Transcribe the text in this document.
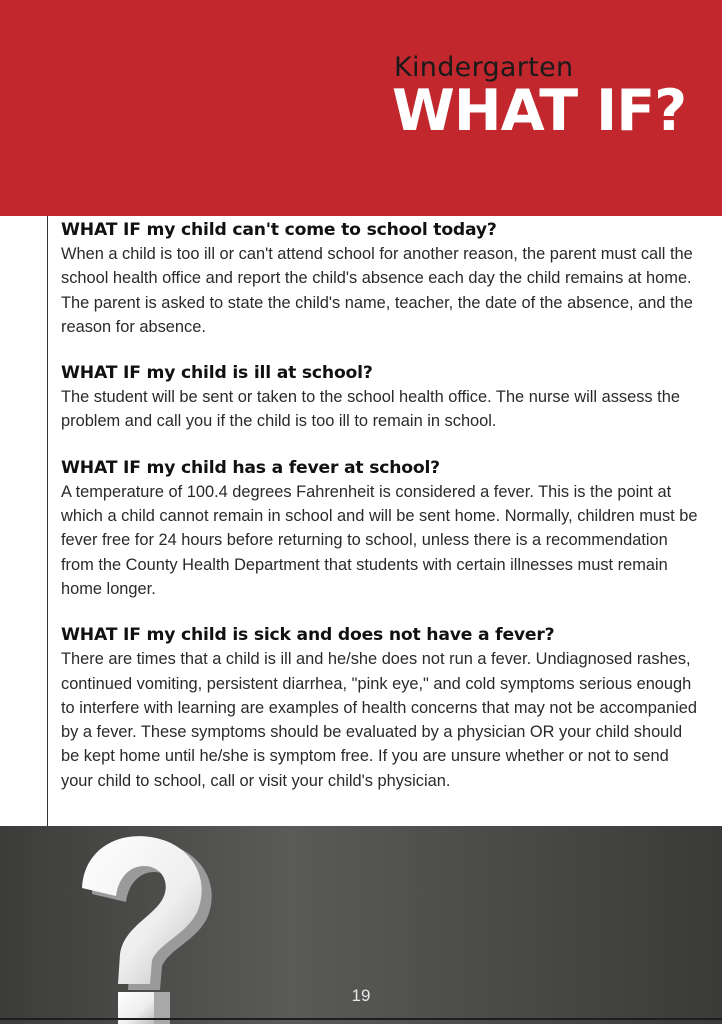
Kindergarten
WHAT IF?

WHAT IF my child can't come to school today?

When a child is too ill or can't attend school for another reason, the parent must call the school health office and report the child's absence each day the child remains at home. The parent is asked to state the child's name, teacher, the date of the absence, and the reason for absence.

WHAT IF my child is ill at school?

The student will be sent or taken to the school health office. The nurse will assess the problem and call you if the child is too ill to remain in school.

WHAT IF my child has a fever at school?

A temperature of 100.4 degrees Fahrenheit is considered a fever. This is the point at which a child cannot remain in school and will be sent home. Normally, children must be fever free for 24 hours before returning to school, unless there is a recommendation from the County Health Department that students with certain illnesses must remain home longer.

WHAT IF my child is sick and does not have a fever?

There are times that a child is ill and he/she does not run a fever. Undiagnosed rashes, continued vomiting, persistent diarrhea, "pink eye," and cold symptoms serious enough to interfere with learning are examples of health concerns that may not be accompanied by a fever. These symptoms should be evaluated by a physician OR your child should be kept home until he/she is symptom free. If you are unsure whether or not to send your child to school, call or visit your child's physician.

19
